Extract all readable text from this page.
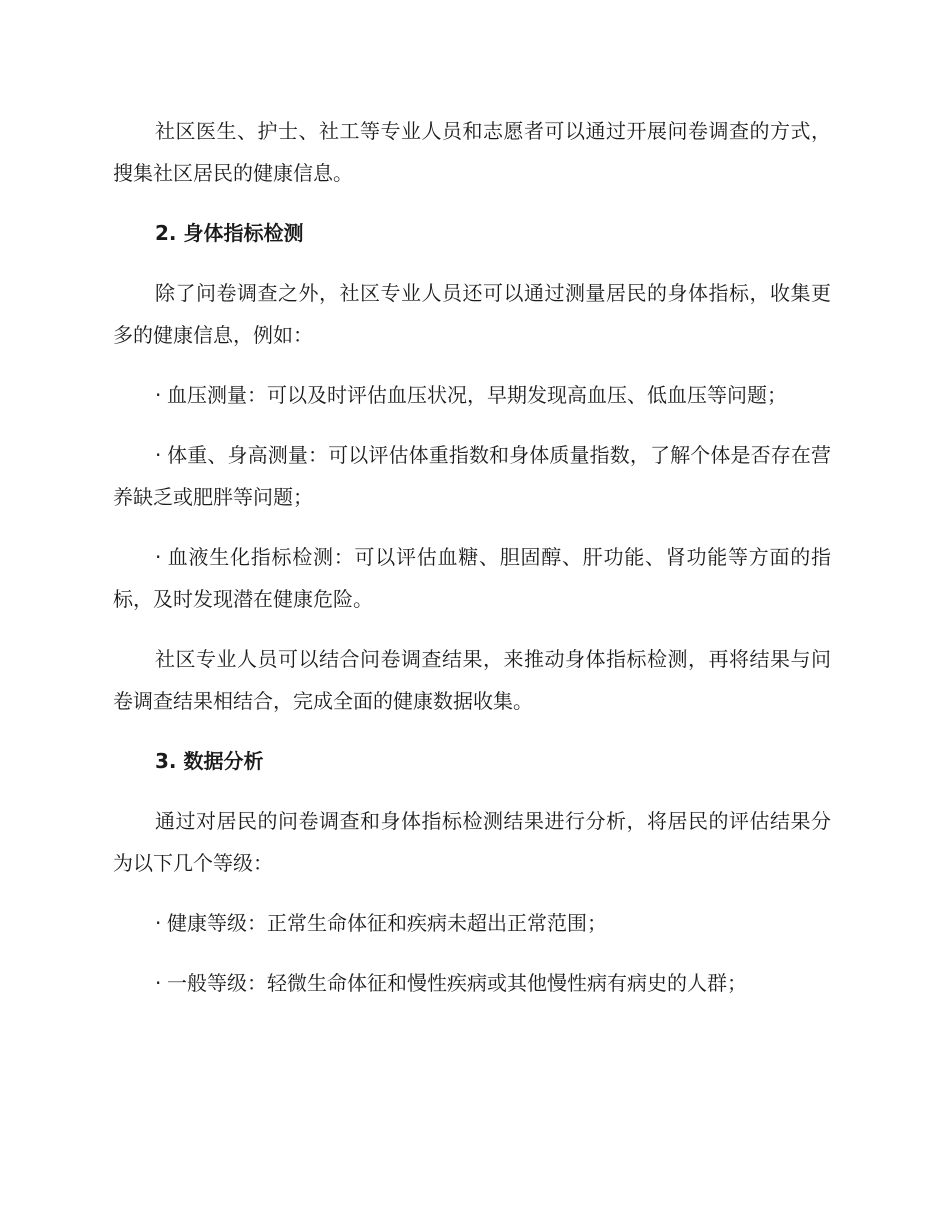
社区医生、护士、社工等专业人员和志愿者可以通过开展问卷调查的方式，搜集社区居民的健康信息。

2. 身体指标检测

除了问卷调查之外，社区专业人员还可以通过测量居民的身体指标，收集更多的健康信息，例如：

· 血压测量：可以及时评估血压状况，早期发现高血压、低血压等问题；

· 体重、身高测量：可以评估体重指数和身体质量指数，了解个体是否存在营养缺乏或肥胖等问题；

· 血液生化指标检测：可以评估血糖、胆固醇、肝功能、肾功能等方面的指标，及时发现潜在健康危险。

社区专业人员可以结合问卷调查结果，来推动身体指标检测，再将结果与问卷调查结果相结合，完成全面的健康数据收集。

3. 数据分析

通过对居民的问卷调查和身体指标检测结果进行分析，将居民的评估结果分为以下几个等级：

· 健康等级：正常生命体征和疾病未超出正常范围；

· 一般等级：轻微生命体征和慢性疾病或其他慢性病有病史的人群；
